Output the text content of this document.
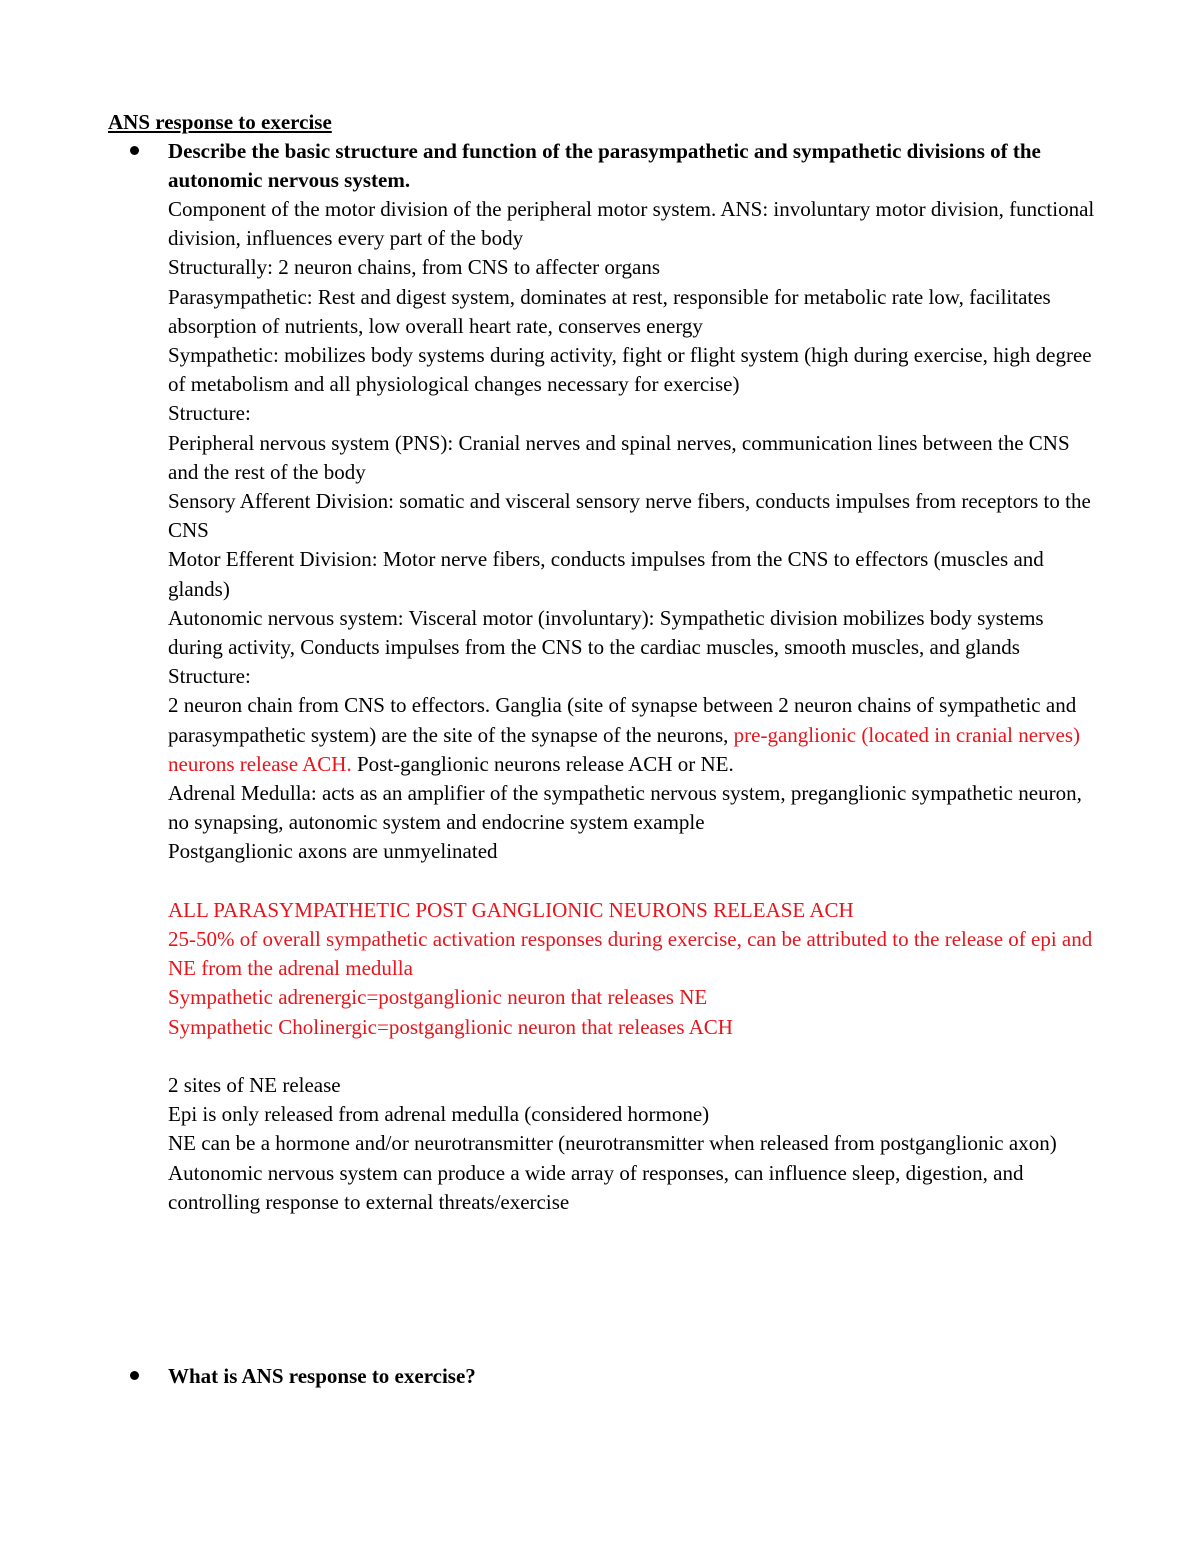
ANS response to exercise

Describe the basic structure and function of the parasympathetic and sympathetic divisions of the autonomic nervous system.

Component of the motor division of the peripheral motor system. ANS: involuntary motor division, functional division, influences every part of the body

Structurally: 2 neuron chains, from CNS to affecter organs

Parasympathetic: Rest and digest system, dominates at rest, responsible for metabolic rate low, facilitates absorption of nutrients, low overall heart rate, conserves energy

Sympathetic: mobilizes body systems during activity, fight or flight system (high during exercise, high degree of metabolism and all physiological changes necessary for exercise)

Structure:

Peripheral nervous system (PNS): Cranial nerves and spinal nerves, communication lines between the CNS and the rest of the body

Sensory Afferent Division: somatic and visceral sensory nerve fibers, conducts impulses from receptors to the CNS

Motor Efferent Division: Motor nerve fibers, conducts impulses from the CNS to effectors (muscles and glands)

Autonomic nervous system: Visceral motor (involuntary): Sympathetic division mobilizes body systems during activity, Conducts impulses from the CNS to the cardiac muscles, smooth muscles, and glands

Structure:

2 neuron chain from CNS to effectors. Ganglia (site of synapse between 2 neuron chains of sympathetic and parasympathetic system) are the site of the synapse of the neurons, pre-ganglionic (located in cranial nerves) neurons release ACH. Post-ganglionic neurons release ACH or NE.

Adrenal Medulla: acts as an amplifier of the sympathetic nervous system, preganglionic sympathetic neuron, no synapsing, autonomic system and endocrine system example

Postganglionic axons are unmyelinated

ALL PARASYMPATHETIC POST GANGLIONIC NEURONS RELEASE ACH

25-50% of overall sympathetic activation responses during exercise, can be attributed to the release of epi and NE from the adrenal medulla

Sympathetic adrenergic=postganglionic neuron that releases NE

Sympathetic Cholinergic=postganglionic neuron that releases ACH

2 sites of NE release

Epi is only released from adrenal medulla (considered hormone)

NE can be a hormone and/or neurotransmitter (neurotransmitter when released from postganglionic axon)

Autonomic nervous system can produce a wide array of responses, can influence sleep, digestion, and controlling response to external threats/exercise

What is ANS response to exercise?
